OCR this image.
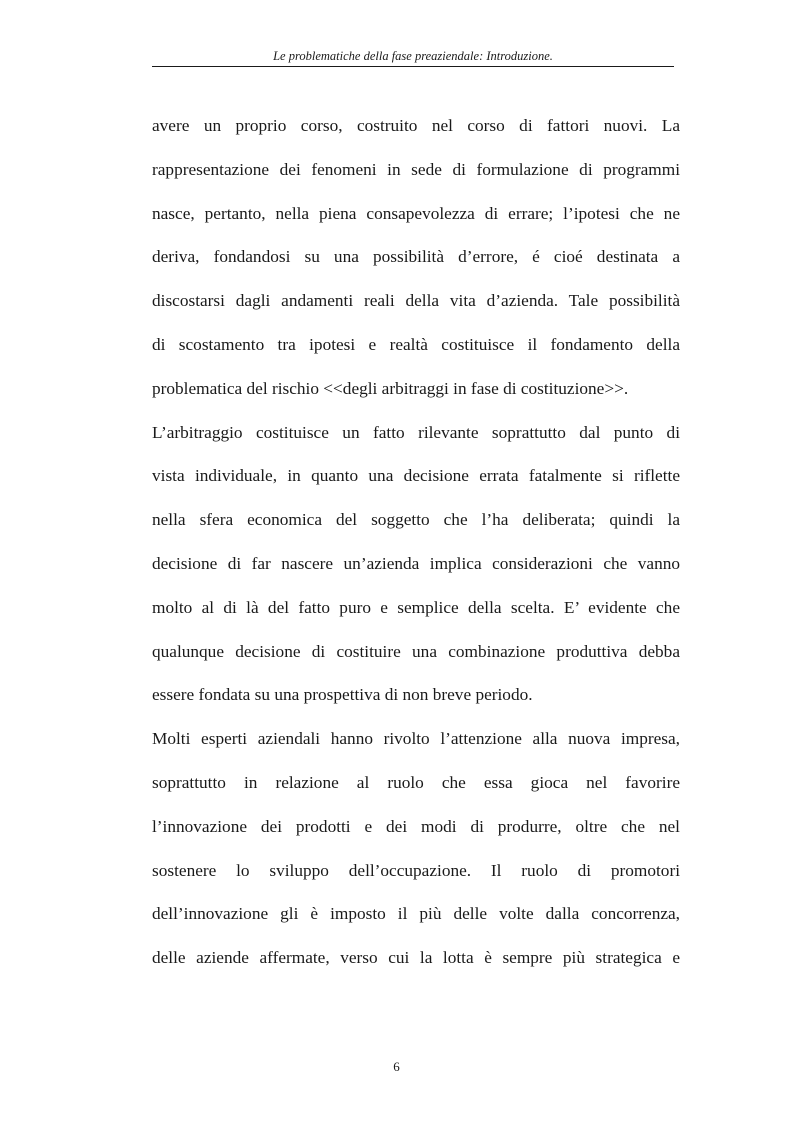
Le problematiche della fase preaziendale: Introduzione.
avere un proprio corso, costruito nel corso di fattori nuovi. La
rappresentazione dei fenomeni in sede di formulazione di programmi
nasce, pertanto, nella piena consapevolezza di errare; l’ipotesi che ne
deriva, fondandosi su una possibilità d’errore, é cioé destinata a
discostarsi dagli andamenti reali della vita d’azienda. Tale possibilità
di scostamento tra ipotesi e realtà costituisce il fondamento della
problematica del rischio <<degli arbitraggi in fase di costituzione>>.
L’arbitraggio costituisce un fatto rilevante soprattutto dal punto di
vista individuale, in quanto una decisione errata fatalmente si riflette
nella sfera economica del soggetto che l’ha deliberata; quindi la
decisione di far nascere un’azienda implica considerazioni che vanno
molto al di là del fatto puro e semplice della scelta. E’ evidente che
qualunque decisione di costituire una combinazione produttiva debba
essere fondata su una prospettiva di non breve periodo.
Molti esperti aziendali hanno rivolto l’attenzione alla nuova impresa,
soprattutto in relazione al ruolo che essa gioca nel favorire
l’innovazione dei prodotti e dei modi di produrre, oltre che nel
sostenere lo sviluppo dell’occupazione. Il ruolo di promotori
dell’innovazione gli è imposto il più delle volte dalla concorrenza,
delle aziende affermate, verso cui la lotta è sempre più strategica e
6
